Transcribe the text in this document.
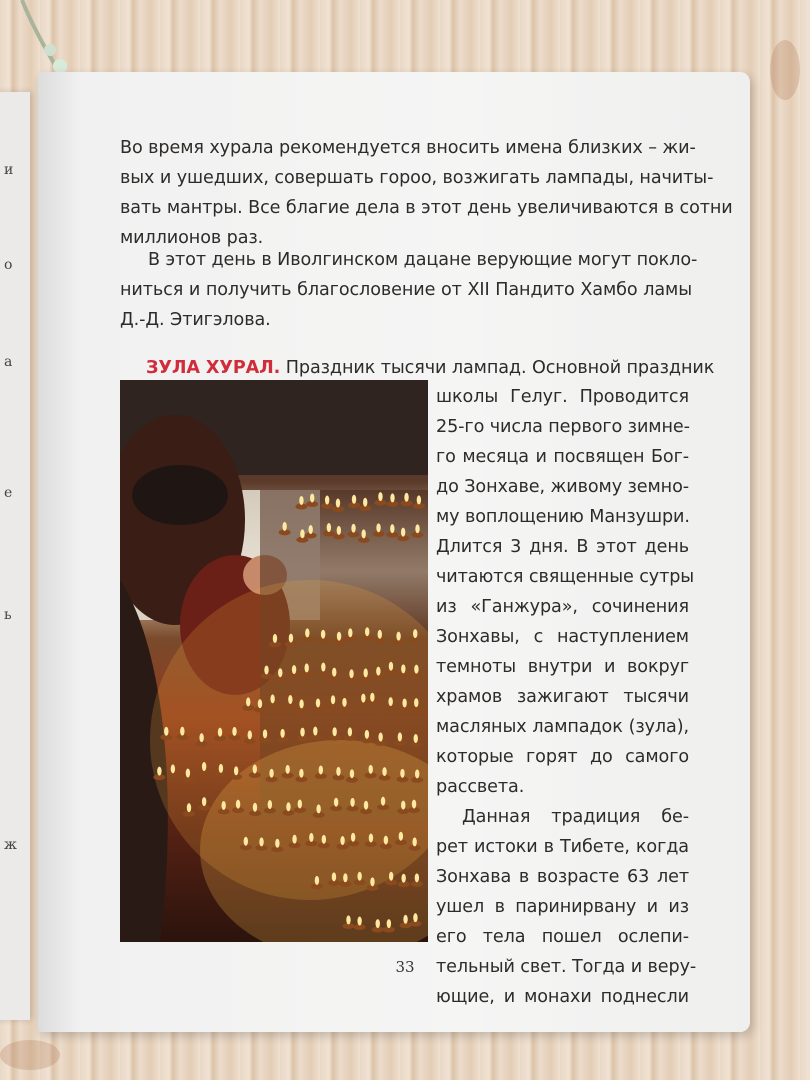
и
о
а
е
ь
ж
Во время хурала рекомендуется вносить имена близких – жи-
вых и ушедших, совершать гороо, возжигать лампады, начиты-
вать мантры. Все благие дела в этот день увеличиваются в сотни
миллионов раз.
В этот день в Иволгинском дацане верующие могут покло-
ниться и получить благословение от XII Пандито Хамбо ламы
Д.-Д. Этигэлова.
ЗУЛА ХУРАЛ. Праздник тысячи лампад. Основной праздник
школы Гелуг. Проводится
25-го числа первого зимне-
го месяца и посвящен Бог-
до Зонхаве, живому земно-
му воплощению Манзушри.
Длится 3 дня. В этот день
читаются священные сутры
из «Ганжура», сочинения
Зонхавы, с наступлением
темноты внутри и вокруг
храмов зажигают тысячи
масляных лампадок (зула),
которые горят до самого
рассвета.
Данная традиция бе-
рет истоки в Тибете, когда
Зонхава в возрасте 63 лет
ушел в паринирвану и из
его тела пошел ослепи-
тельный свет. Тогда и веру-
ющие, и монахи поднесли
33
